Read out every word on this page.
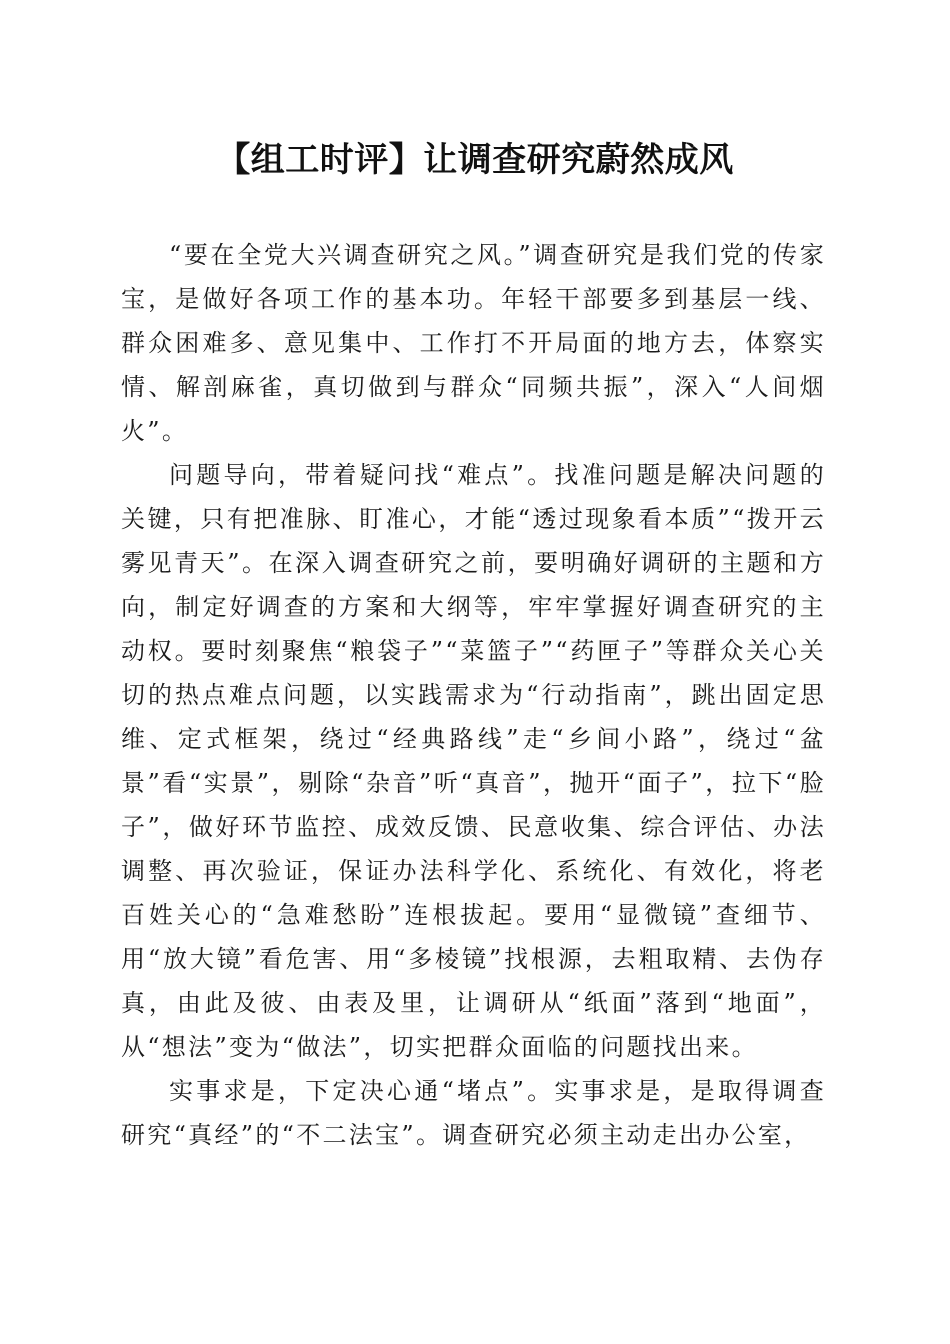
【组工时评】让调查研究蔚然成风

“要在全党大兴调查研究之风。”调查研究是我们党的传家宝，是做好各项工作的基本功。年轻干部要多到基层一线、群众困难多、意见集中、工作打不开局面的地方去，体察实情、解剖麻雀，真切做到与群众“同频共振”，深入“人间烟火”。

问题导向，带着疑问找“难点”。找准问题是解决问题的关键，只有把准脉、盯准心，才能“透过现象看本质”“拨开云雾见青天”。在深入调查研究之前，要明确好调研的主题和方向，制定好调查的方案和大纲等，牢牢掌握好调查研究的主动权。要时刻聚焦“粮袋子”“菜篮子”“药匣子”等群众关心关切的热点难点问题，以实践需求为“行动指南”，跳出固定思维、定式框架，绕过“经典路线”走“乡间小路”，绕过“盆景”看“实景”，剔除“杂音”听“真音”，抛开“面子”，拉下“脸子”，做好环节监控、成效反馈、民意收集、综合评估、办法调整、再次验证，保证办法科学化、系统化、有效化，将老百姓关心的“急难愁盼”连根拔起。要用“显微镜”查细节、用“放大镜”看危害、用“多棱镜”找根源，去粗取精、去伪存真，由此及彼、由表及里，让调研从“纸面”落到“地面”，从“想法”变为“做法”，切实把群众面临的问题找出来。

实事求是，下定决心通“堵点”。实事求是，是取得调查研究“真经”的“不二法宝”。调查研究必须主动走出办公室，
